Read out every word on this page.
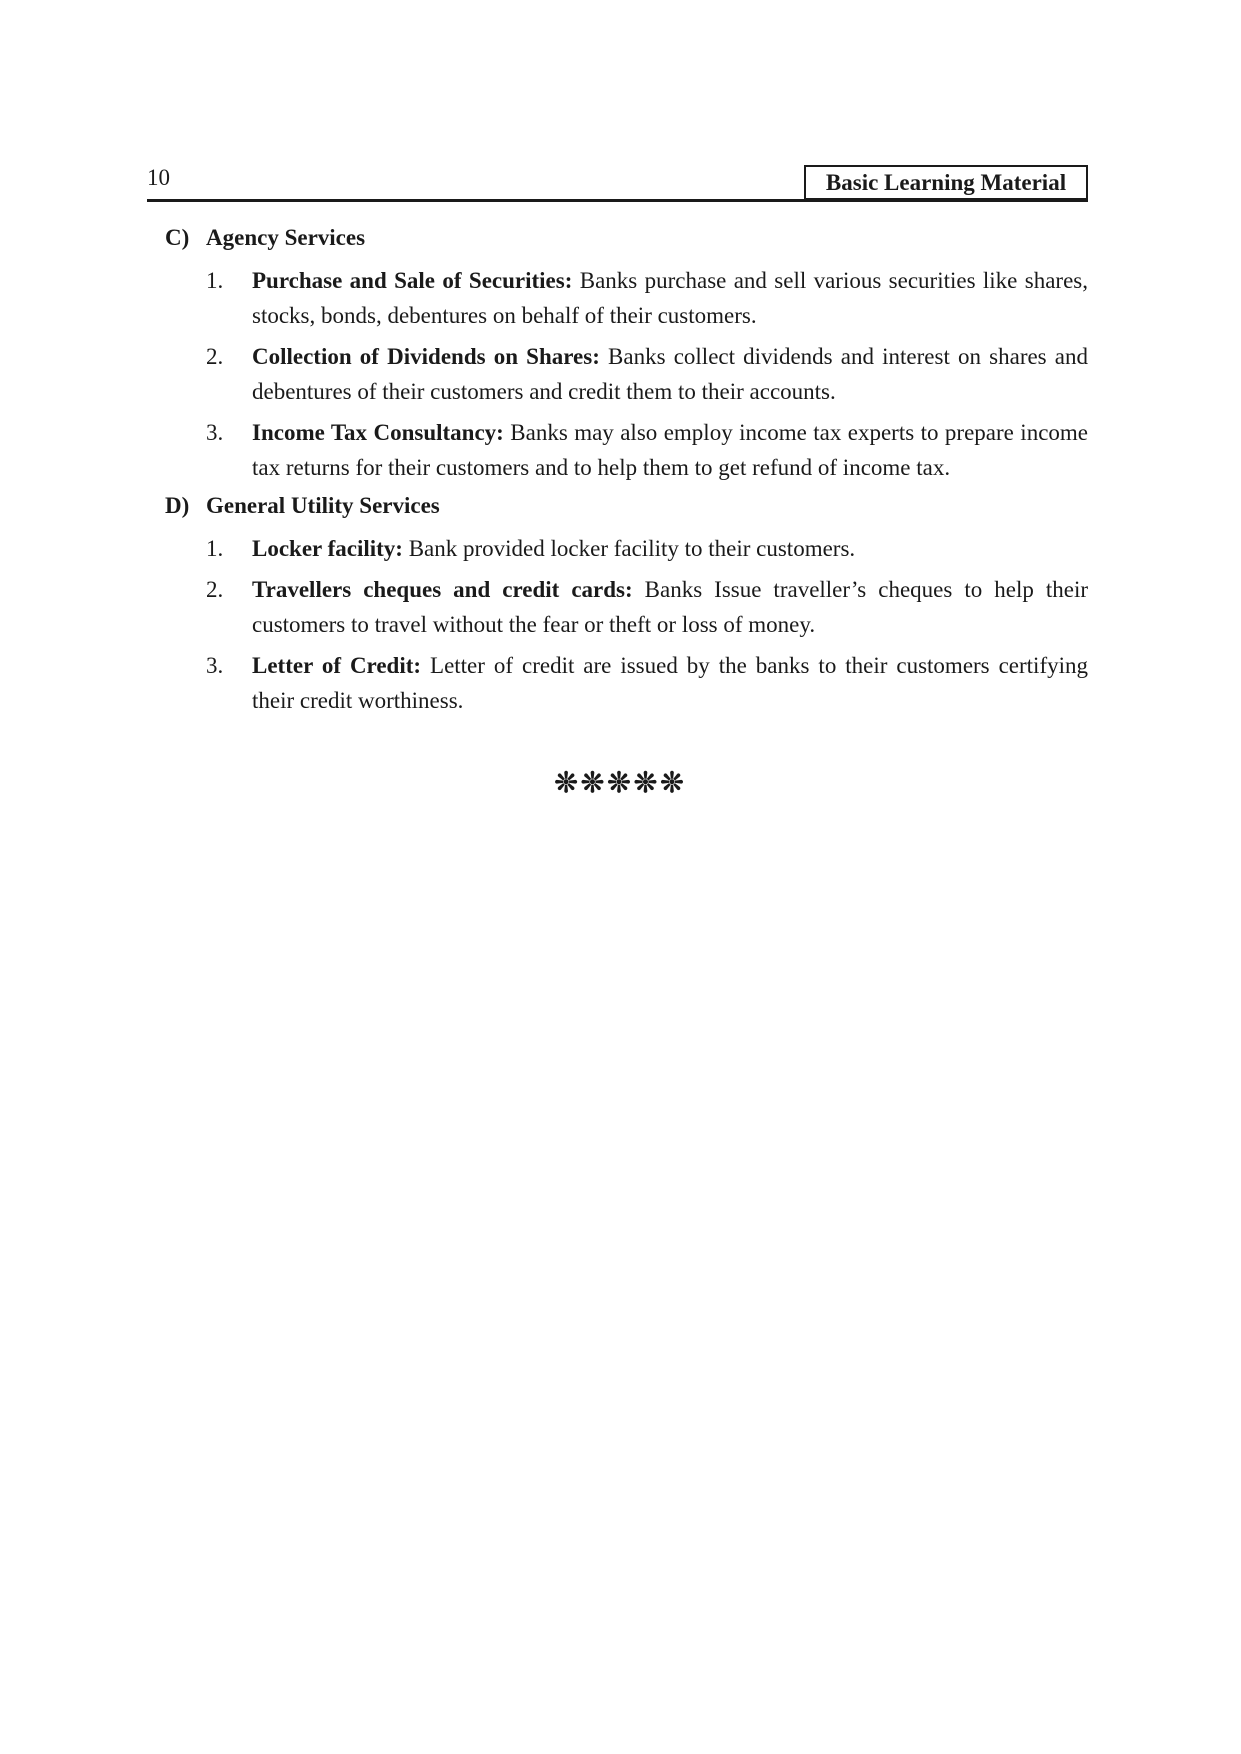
10	Basic Learning Material
C) Agency Services
1.	Purchase and Sale of Securities: Banks purchase and sell various securities like shares, stocks, bonds, debentures on behalf of their customers.
2.	Collection of Dividends on Shares: Banks collect dividends and interest on shares and debentures of their customers and credit them to their accounts.
3.	Income Tax Consultancy: Banks may also employ income tax experts to prepare income tax returns for their customers and to help them to get refund of income tax.
D) General Utility Services
1.	Locker facility: Bank provided locker facility to their customers.
2.	Travellers cheques and credit cards: Banks Issue traveller’s cheques to help their customers to travel without the fear or theft or loss of money.
3.	Letter of Credit: Letter of credit are issued by the banks to their customers certifying their credit worthiness.
❊❊❊❊❊
